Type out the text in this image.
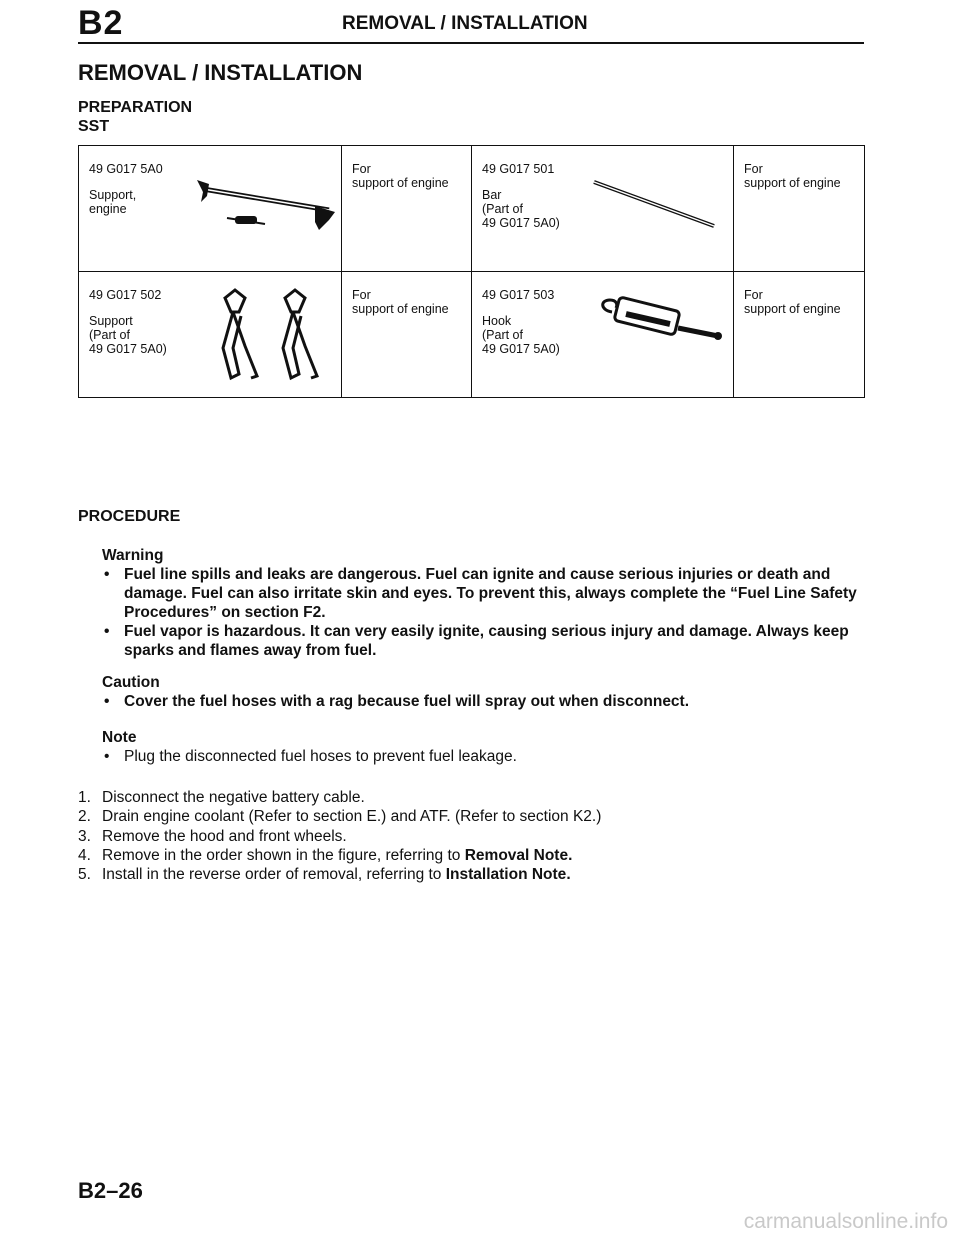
B2	REMOVAL / INSTALLATION
REMOVAL / INSTALLATION
PREPARATION
SST
49 G017 5A0
Support,
engine	For
support of engine	49 G017 501
Bar
(Part of
49 G017 5A0)	For
support of engine

49 G017 502
Support
(Part of
49 G017 5A0)	For
support of engine	49 G017 503
Hook
(Part of
49 G017 5A0)	For
support of engine
PROCEDURE
Warning
• Fuel line spills and leaks are dangerous. Fuel can ignite and cause serious injuries or death and damage. Fuel can also irritate skin and eyes. To prevent this, always complete the “Fuel Line Safety Procedures” on section F2.
• Fuel vapor is hazardous. It can very easily ignite, causing serious injury and damage. Always keep sparks and flames away from fuel.
Caution
• Cover the fuel hoses with a rag because fuel will spray out when disconnect.
Note
• Plug the disconnected fuel hoses to prevent fuel leakage.
1. Disconnect the negative battery cable.
2. Drain engine coolant (Refer to section E.) and ATF. (Refer to section K2.)
3. Remove the hood and front wheels.
4. Remove in the order shown in the figure, referring to Removal Note.
5. Install in the reverse order of removal, referring to Installation Note.
B2–26
carmanualsonline.info
